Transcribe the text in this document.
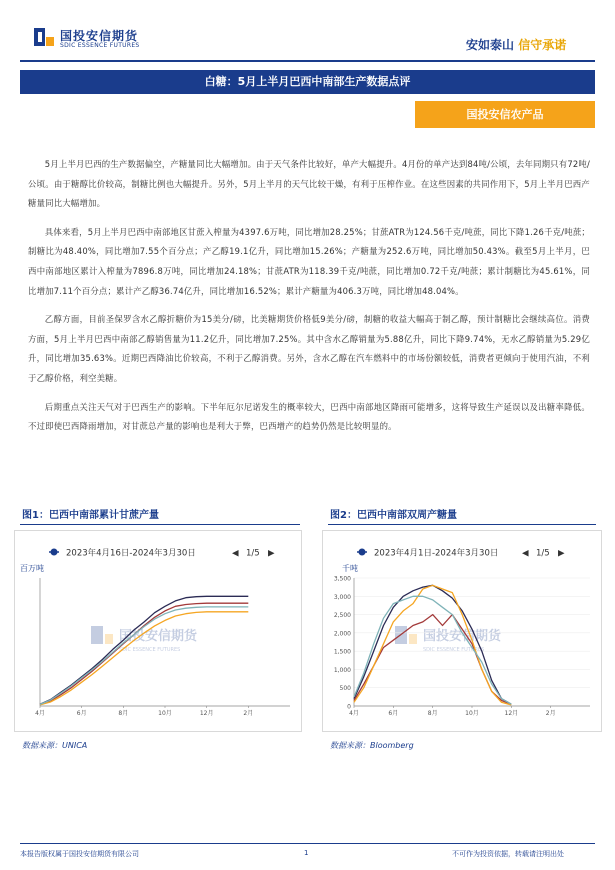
国投安信期货
SDIC ESSENCE FUTURES	安如泰山 信守承诺
白糖：5月上半月巴西中南部生产数据点评
国投安信农产品

5月上半月巴西的生产数据偏空，产糖量同比大幅增加。由于天气条件比较好，单产大幅提升。4月份的单产达到84吨/公顷，去年同期只有72吨/公顷。由于糖醇比价较高，制糖比例也大幅提升。另外，5月上半月的天气比较干燥，有利于压榨作业。在这些因素的共同作用下，5月上半月巴西产糖量同比大幅增加。

具体来看，5月上半月巴西中南部地区甘蔗入榨量为4397.6万吨，同比增加28.25%；甘蔗ATR为124.56千克/吨蔗，同比下降1.26千克/吨蔗；制糖比为48.40%，同比增加7.55个百分点；产乙醇19.1亿升，同比增加15.26%；产糖量为252.6万吨，同比增加50.43%。截至5月上半月，巴西中南部地区累计入榨量为7896.8万吨，同比增加24.18%；甘蔗ATR为118.39千克/吨蔗，同比增加0.72千克/吨蔗；累计制糖比为45.61%，同比增加7.11个百分点；累计产乙醇36.74亿升，同比增加16.52%；累计产糖量为406.3万吨，同比增加48.04%。

乙醇方面，目前圣保罗含水乙醇折糖价为15美分/磅，比美糖期货价格低9美分/磅，制糖的收益大幅高于制乙醇，预计制糖比会继续高位。消费方面，5月上半月巴西中南部乙醇销售量为11.2亿升，同比增加7.25%。其中含水乙醇销量为5.88亿升，同比下降9.74%，无水乙醇销量为5.29亿升，同比增加35.63%。近期巴西降油比价较高，不利于乙醇消费。另外，含水乙醇在汽车燃料中的市场份额较低，消费者更倾向于使用汽油，不利于乙醇价格，利空美糖。

后期重点关注天气对于巴西生产的影响。下半年厄尔尼诺发生的概率较大，巴西中南部地区降雨可能增多，这将导致生产延误以及出糖率降低。不过即使巴西降雨增加，对甘蔗总产量的影响也是利大于弊，巴西增产的趋势仍然是比较明显的。

图1：巴西中南部累计甘蔗产量
2023年4月16日-2024年3月30日	◀ 1/5 ▶
百万吨
国投安信期货
SDIC ESSENCE FUTURES
4月	6月	8月	10月	12月	2月
数据来源：UNICA
图2：巴西中南部双周产糖量
2023年4月1日-2024年3月30日	◀ 1/5 ▶
千吨
国投安信期货
SDIC ESSENCE FUTURES
0
500
1,000
1,500
2,000
2,500
3,000
3,500
4月	6月	8月	10月	12月	2月
数据来源：Bloomberg
本报告版权属于国投安信期货有限公司	1	不可作为投资依据，转载请注明出处
